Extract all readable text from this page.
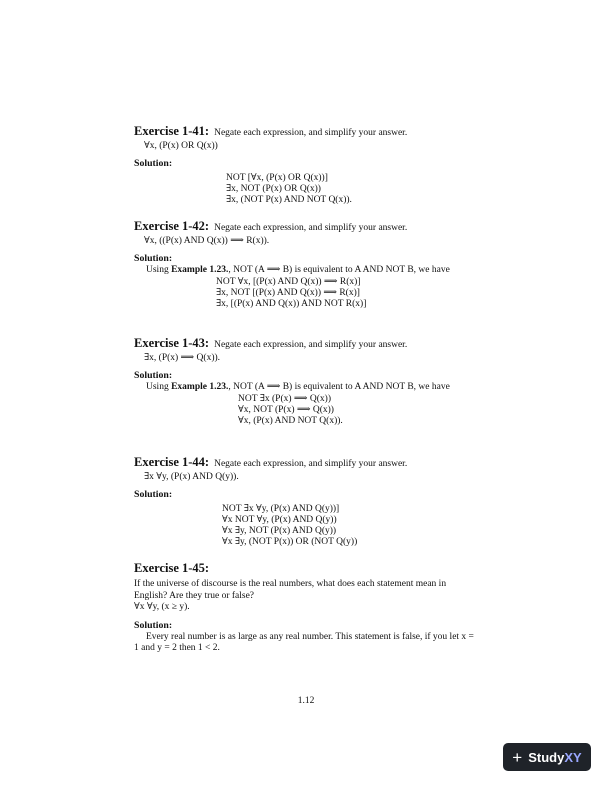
Exercise 1-41: Negate each expression, and simplify your answer.
∀x, (P(x) OR Q(x))
Solution:
NOT [∀x, (P(x) OR Q(x))]
∃x, NOT (P(x) OR Q(x))
∃x, (NOT P(x) AND NOT Q(x)).
Exercise 1-42: Negate each expression, and simplify your answer.
∀x, ((P(x) AND Q(x)) ⟹ R(x)).
Solution:
Using Example 1.23., NOT (A ⟹ B) is equivalent to A AND NOT B, we have
NOT ∀x, [(P(x) AND Q(x)) ⟹ R(x)]
∃x, NOT [(P(x) AND Q(x)) ⟹ R(x)]
∃x, [(P(x) AND Q(x)) AND NOT R(x)]
Exercise 1-43: Negate each expression, and simplify your answer.
∃x, (P(x) ⟹ Q(x)).
Solution:
Using Example 1.23., NOT (A ⟹ B) is equivalent to A AND NOT B, we have
NOT ∃x (P(x) ⟹ Q(x))
∀x, NOT (P(x) ⟹ Q(x))
∀x, (P(x) AND NOT Q(x)).
Exercise 1-44: Negate each expression, and simplify your answer.
∃x ∀y, (P(x) AND Q(y)).
Solution:
NOT ∃x ∀y, (P(x) AND Q(y))]
∀x NOT ∀y, (P(x) AND Q(y))
∀x ∃y, NOT (P(x) AND Q(y))
∀x ∃y, (NOT P(x)) OR (NOT Q(y))
Exercise 1-45:
If the universe of discourse is the real numbers, what does each statement mean in English? Are they true or false?
∀x ∀y, (x ≥ y).
Solution:
Every real number is as large as any real number. This statement is false, if you let x = 1 and y = 2 then 1 < 2.
1.12
+ Study XY
